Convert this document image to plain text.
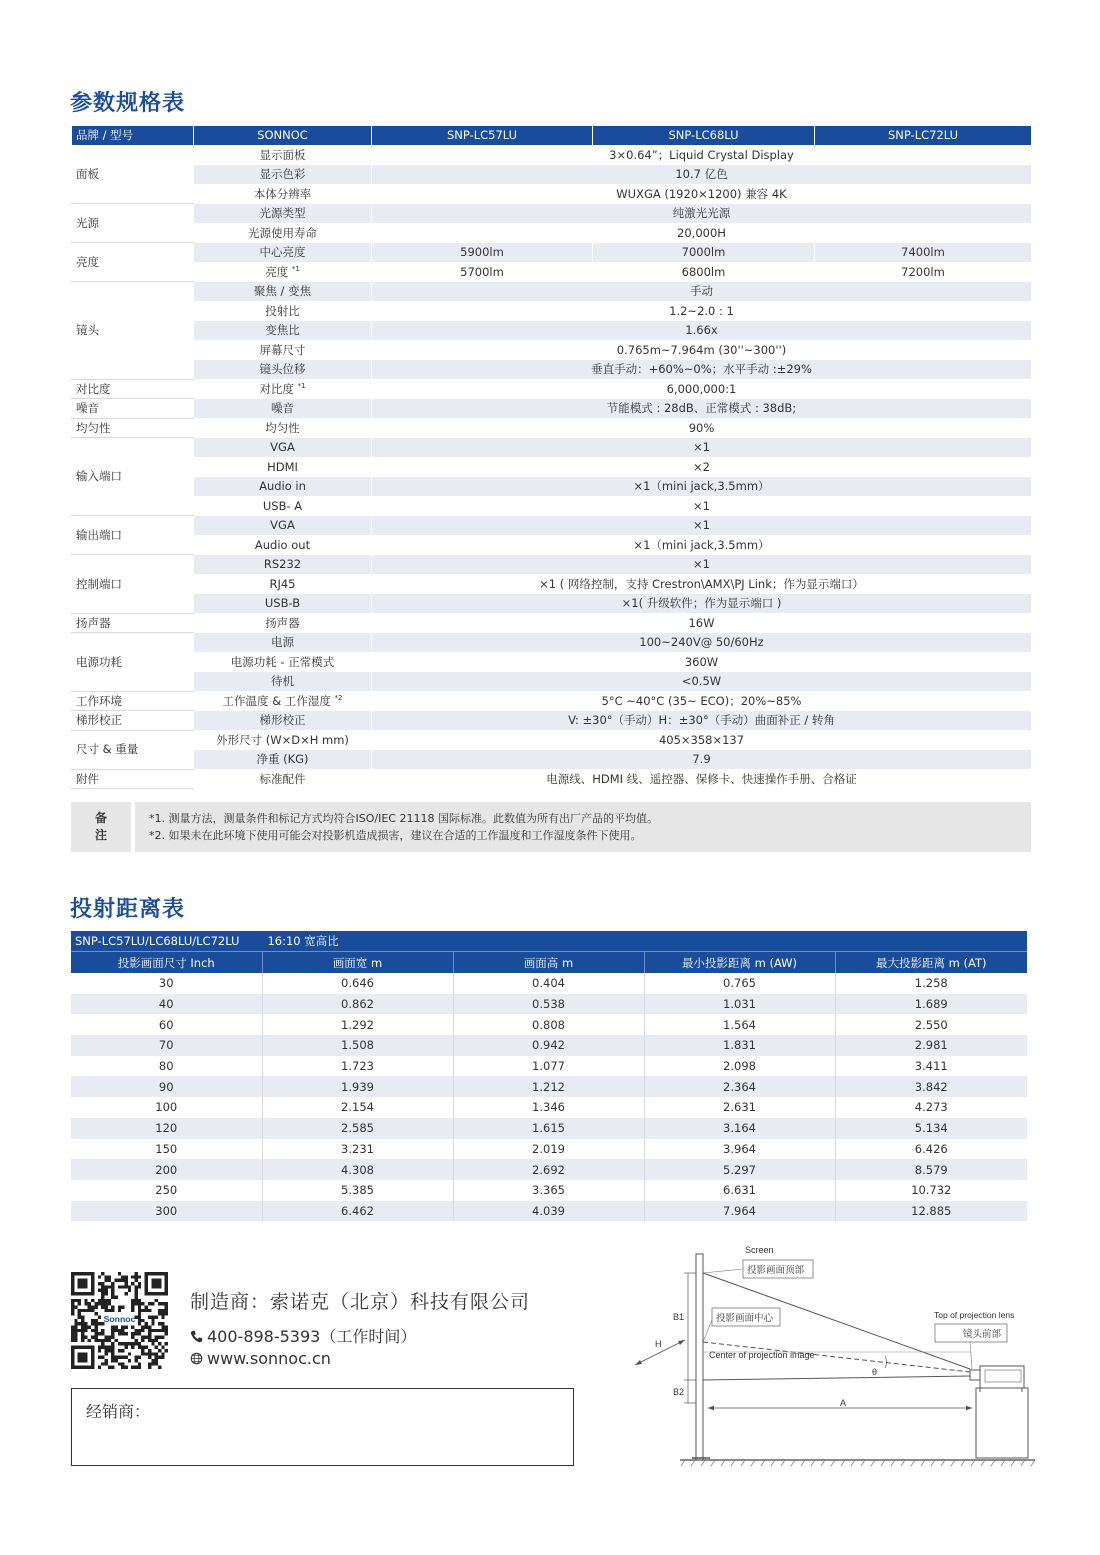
参数规格表
品牌 / 型号	SONNOC	SNP-LC57LU	SNP-LC68LU	SNP-LC72LU
面板	显示面板	3×0.64”；Liquid Crystal Display		
	显示色彩	10.7 亿色		
	本体分辨率	WUXGA (1920×1200) 兼容 4K		
光源	光源类型	纯激光光源		
	光源使用寿命	20,000H		
亮度	中心亮度	5900lm	7000lm	7400lm
	亮度 $^{*1}$	5700lm	6800lm	7200lm
镜头	聚焦 / 变焦	手动		
	投射比	1.2~2.0 : 1		
	变焦比	1.66x		
	屏幕尺寸	0.765m~7.964m (30''~300'')		
	镜头位移	垂直手动：+60%~0%；水平手动 :±29%		
对比度	对比度 $^{*1}$	6,000,000:1		
噪音	噪音	节能模式 : 28dB、正常模式 : 38dB;		
均匀性	均匀性	90%		
输入端口	VGA	×1		
	HDMI	×2		
	Audio in	×1（mini jack,3.5mm）		
	USB- A	×1		
输出端口	VGA	×1		
	Audio out	×1（mini jack,3.5mm）		
控制端口	RS232	×1		
	RJ45	×1 ( 网络控制，支持 Crestron\AMX\PJ Link；作为显示端口）		
	USB-B	×1( 升级软件；作为显示端口 )		
扬声器	扬声器	16W		
电源功耗	电源	100~240V@ 50/60Hz		
	电源功耗 - 正常模式	360W		
	待机	<0.5W		
工作环境	工作温度 & 工作湿度 $^{*2}$	5°C ~40°C (35~ ECO)；20%~85%		
梯形校正	梯形校正	V: ±30°（手动）H：±30°（手动）曲面补正 / 转角		
尺寸 & 重量	外形尺寸 (W×D×H mm)	405×358×137		
	净重 (KG)	7.9		
附件	标准配件	电源线、HDMI 线、遥控器、保修卡、快速操作手册、合格证		
备
注
*1. 测量方法，测量条件和标记方式均符合ISO/IEC 21118 国际标准。此数值为所有出厂产品的平均值。
*2. 如果未在此环境下使用可能会对投影机造成损害，建议在合适的工作温度和工作湿度条件下使用。
投射距离表
SNP-LC57LU/LC68LU/LC72LU 16:10 宽高比				
投影画面尺寸 Inch	画面宽 m	画面高 m	最小投影距离 m (AW)	最大投影距离 m (AT)
30	0.646	0.404	0.765	1.258
40	0.862	0.538	1.031	1.689
60	1.292	0.808	1.564	2.550
70	1.508	0.942	1.831	2.981
80	1.723	1.077	2.098	3.411
90	1.939	1.212	2.364	3.842
100	2.154	1.346	2.631	4.273
120	2.585	1.615	3.164	5.134
150	3.231	2.019	3.964	6.426
200	4.308	2.692	5.297	8.579
250	5.385	3.365	6.631	10.732
300	6.462	4.039	7.964	12.885
Sonnoc
制造商：索诺克（北京）科技有限公司
400-898-5393（工作时间）
www.sonnoc.cn
经销商：
Screen
投影画面顶部
B1	投影画面中心
H
Center of projection image
θ
Top of projection lens
镜头前部
B2
A
